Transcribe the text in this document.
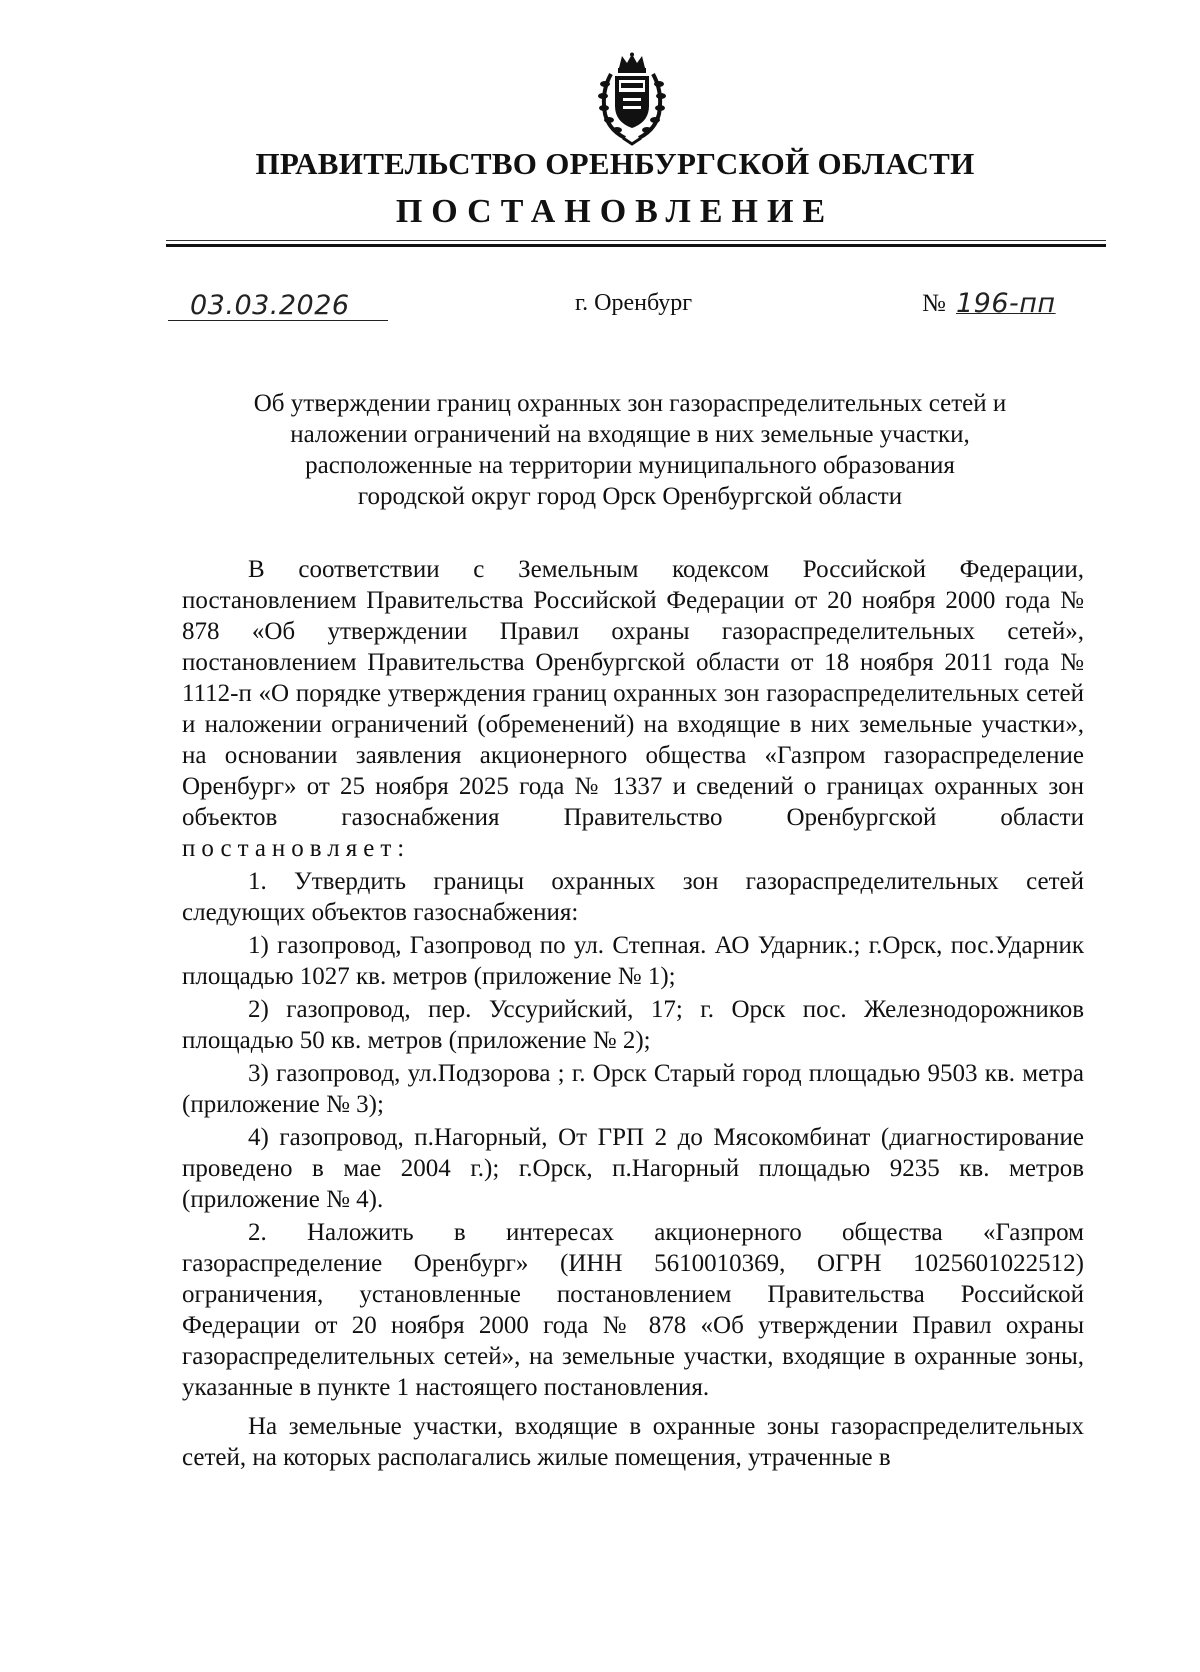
ПРАВИТЕЛЬСТВО ОРЕНБУРГСКОЙ ОБЛАСТИ
ПОСТАНОВЛЕНИЕ
03.03.2026	г. Оренбург	№ 196-пп
Об утверждении границ охранных зон газораспределительных сетей и
наложении ограничений на входящие в них земельные участки,
расположенные на территории муниципального образования
городской округ город Орск Оренбургской области

В соответствии с Земельным кодексом Российской Федерации, постановлением Правительства Российской Федерации от 20 ноября 2000 года № 878 «Об утверждении Правил охраны газораспределительных сетей», постановлением Правительства Оренбургской области от 18 ноября 2011 года № 1112-п «О порядке утверждения границ охранных зон газораспределительных сетей и наложении ограничений (обременений) на входящие в них земельные участки», на основании заявления акционерного общества «Газпром газораспределение Оренбург» от 25 ноября 2025 года № 1337 и сведений о границах охранных зон объектов газоснабжения Правительство Оренбургской области постановляет:

1. Утвердить границы охранных зон газораспределительных сетей следующих объектов газоснабжения:

1) газопровод, Газопровод по ул. Степная. АО Ударник.; г.Орск, пос.Ударник площадью 1027 кв. метров (приложение № 1);

2) газопровод, пер. Уссурийский, 17; г. Орск пос. Железнодорожников площадью 50 кв. метров (приложение № 2);

3) газопровод, ул.Подзорова ; г. Орск Старый город площадью 9503 кв. метра (приложение № 3);

4) газопровод, п.Нагорный, От ГРП 2 до Мясокомбинат (диагностирование проведено в мае 2004 г.); г.Орск, п.Нагорный площадью 9235 кв. метров (приложение № 4).

2. Наложить в интересах акционерного общества «Газпром газораспределение Оренбург» (ИНН 5610010369, ОГРН 1025601022512) ограничения, установленные постановлением Правительства Российской Федерации от 20 ноября 2000 года № 878 «Об утверждении Правил охраны газораспределительных сетей», на земельные участки, входящие в охранные зоны, указанные в пункте 1 настоящего постановления.

На земельные участки, входящие в охранные зоны газораспределительных сетей, на которых располагались жилые помещения, утраченные в
